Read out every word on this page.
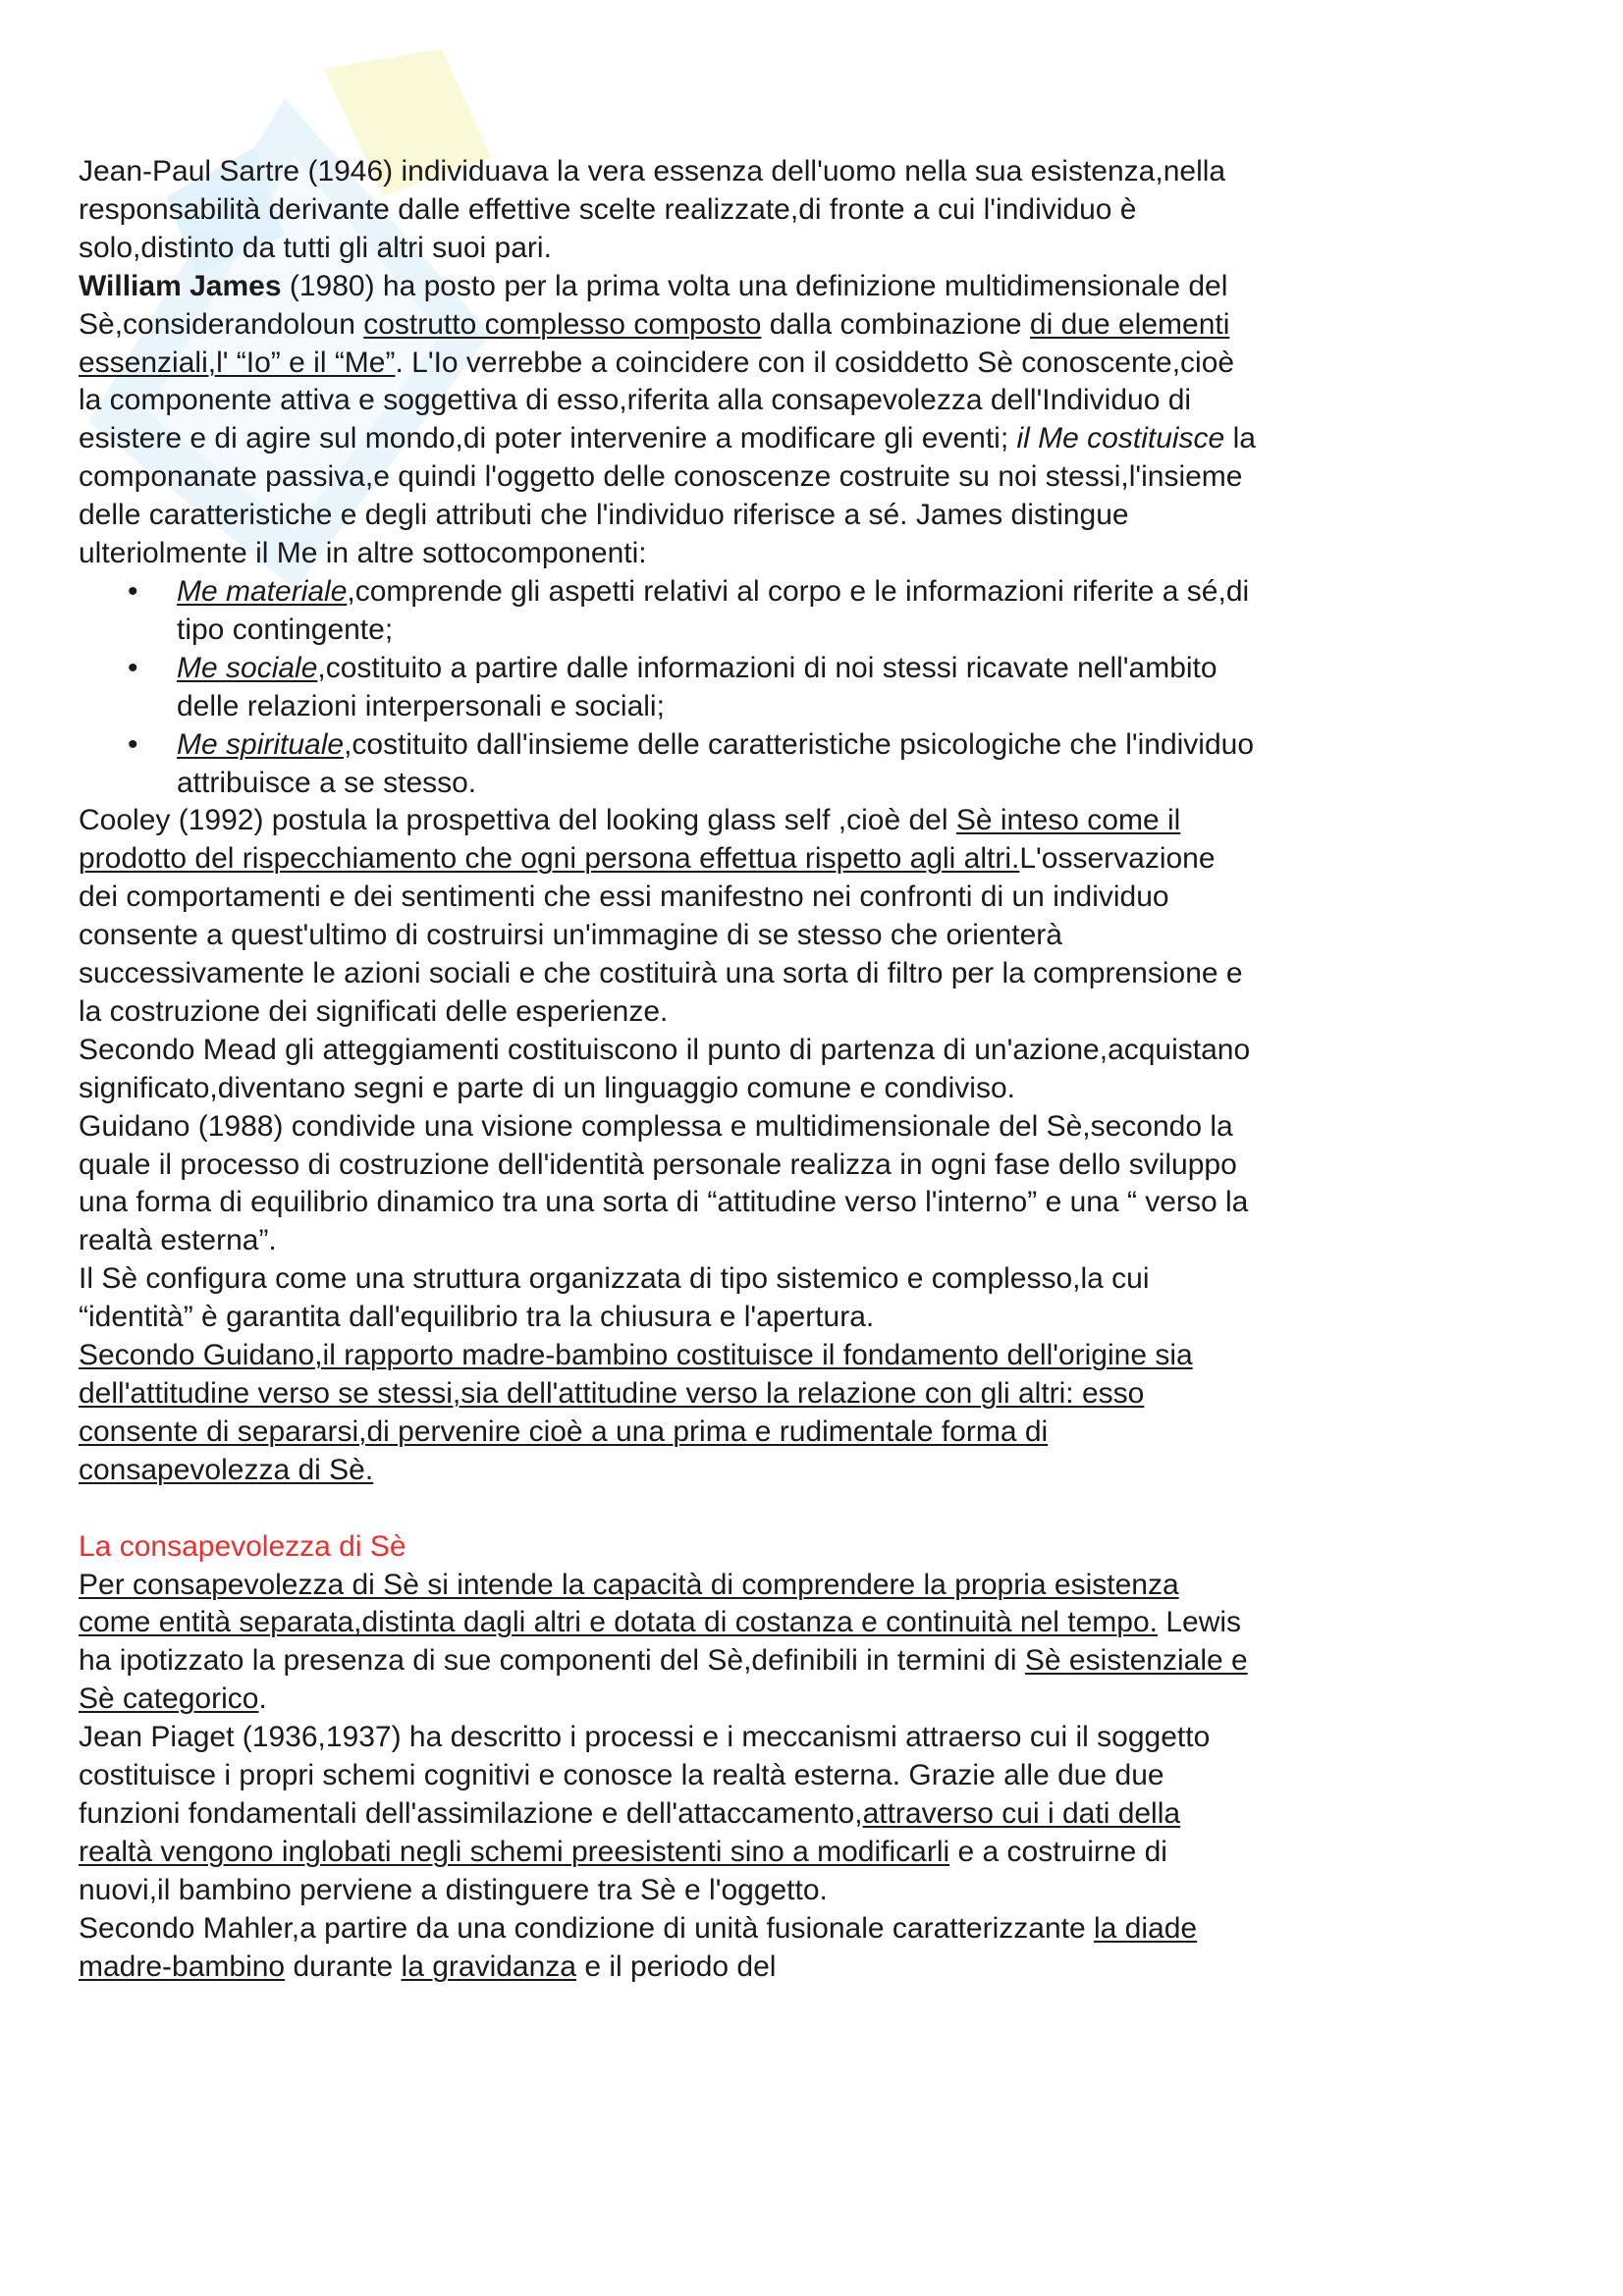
Jean-Paul Sartre (1946) individuava la vera essenza dell'uomo nella sua esistenza,nella responsabilità derivante dalle effettive scelte realizzate,di fronte a cui l'individuo è solo,distinto da tutti gli altri suoi pari.

William James (1980) ha posto per la prima volta una definizione multidimensionale del Sè,considerandoloun costrutto complesso composto dalla combinazione di due elementi essenziali,l' “Io” e il “Me”. L'Io verrebbe a coincidere con il cosiddetto Sè conoscente,cioè la componente attiva e soggettiva di esso,riferita alla consapevolezza dell'Individuo di esistere e di agire sul mondo,di poter intervenire a modificare gli eventi; il Me costituisce la componanate passiva,e quindi l'oggetto delle conoscenze costruite su noi stessi,l'insieme delle caratteristiche e degli attributi che l'individuo riferisce a sé. James distingue ulteriolmente il Me in altre sottocomponenti:

• Me materiale,comprende gli aspetti relativi al corpo e le informazioni riferite a sé,di tipo contingente;
• Me sociale,costituito a partire dalle informazioni di noi stessi ricavate nell'ambito delle relazioni interpersonali e sociali;
• Me spirituale,costituito dall'insieme delle caratteristiche psicologiche che l'individuo attribuisce a se stesso.

Cooley (1992) postula la prospettiva del looking glass self ,cioè del Sè inteso come il prodotto del rispecchiamento che ogni persona effettua rispetto agli altri.L'osservazione dei comportamenti e dei sentimenti che essi manifestno nei confronti di un individuo consente a quest'ultimo di costruirsi un'immagine di se stesso che orienterà successivamente le azioni sociali e che costituirà una sorta di filtro per la comprensione e la costruzione dei significati delle esperienze.

Secondo Mead gli atteggiamenti costituiscono il punto di partenza di un'azione,acquistano significato,diventano segni e parte di un linguaggio comune e condiviso.

Guidano (1988) condivide una visione complessa e multidimensionale del Sè,secondo la quale il processo di costruzione dell'identità personale realizza in ogni fase dello sviluppo una forma di equilibrio dinamico tra una sorta di “attitudine verso l'interno” e una “ verso la realtà esterna”.

Il Sè configura come una struttura organizzata di tipo sistemico e complesso,la cui “identità” è garantita dall'equilibrio tra la chiusura e l'apertura.

Secondo Guidano,il rapporto madre-bambino costituisce il fondamento dell'origine sia dell'attitudine verso se stessi,sia dell'attitudine verso la relazione con gli altri: esso consente di separarsi,di pervenire cioè a una prima e rudimentale forma di consapevolezza di Sè.

La consapevolezza di Sè

Per consapevolezza di Sè si intende la capacità di comprendere la propria esistenza come entità separata,distinta dagli altri e dotata di costanza e continuità nel tempo. Lewis ha ipotizzato la presenza di sue componenti del Sè,definibili in termini di Sè esistenziale e Sè categorico.

Jean Piaget (1936,1937) ha descritto i processi e i meccanismi attraerso cui il soggetto costituisce i propri schemi cognitivi e conosce la realtà esterna. Grazie alle due due funzioni fondamentali dell'assimilazione e dell'attaccamento,attraverso cui i dati della realtà vengono inglobati negli schemi preesistenti sino a modificarli e a costruirne di nuovi,il bambino perviene a distinguere tra Sè e l'oggetto.

Secondo Mahler,a partire da una condizione di unità fusionale caratterizzante la diade madre-bambino durante la gravidanza e il periodo del
